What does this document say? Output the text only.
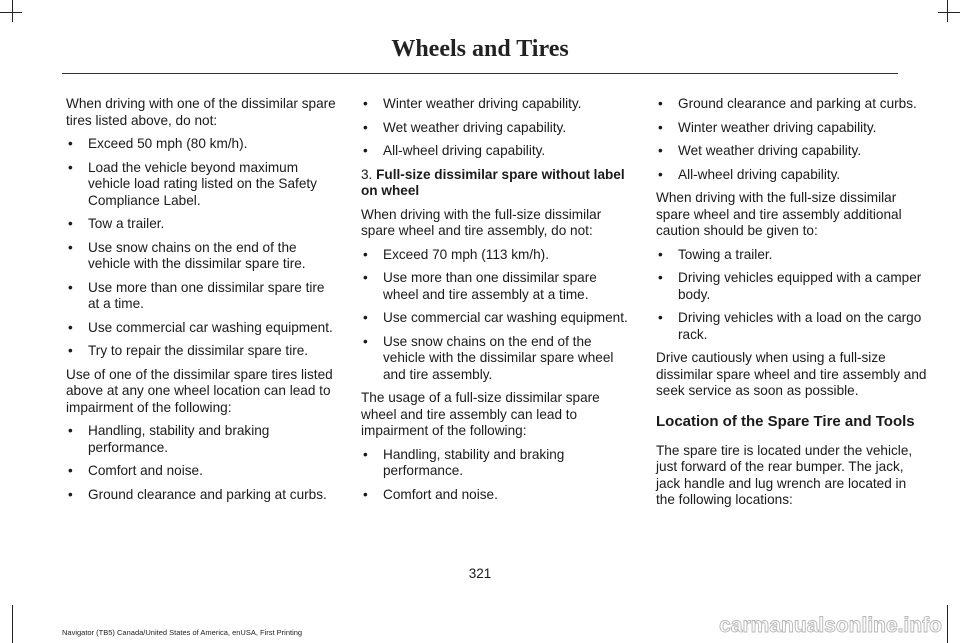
Wheels and Tires

When driving with one of the dissimilar spare tires listed above, do not:

• Exceed 50 mph (80 km/h).
• Load the vehicle beyond maximum vehicle load rating listed on the Safety Compliance Label.
• Tow a trailer.
• Use snow chains on the end of the vehicle with the dissimilar spare tire.
• Use more than one dissimilar spare tire at a time.
• Use commercial car washing equipment.
• Try to repair the dissimilar spare tire.

Use of one of the dissimilar spare tires listed above at any one wheel location can lead to impairment of the following:

• Handling, stability and braking performance.
• Comfort and noise.
• Ground clearance and parking at curbs.
• Winter weather driving capability.
• Wet weather driving capability.
• All-wheel driving capability.

3. Full-size dissimilar spare without label on wheel

When driving with the full-size dissimilar spare wheel and tire assembly, do not:

• Exceed 70 mph (113 km/h).
• Use more than one dissimilar spare wheel and tire assembly at a time.
• Use commercial car washing equipment.
• Use snow chains on the end of the vehicle with the dissimilar spare wheel and tire assembly.

The usage of a full-size dissimilar spare wheel and tire assembly can lead to impairment of the following:

• Handling, stability and braking performance.
• Comfort and noise.
• Ground clearance and parking at curbs.
• Winter weather driving capability.
• Wet weather driving capability.
• All-wheel driving capability.

When driving with the full-size dissimilar spare wheel and tire assembly additional caution should be given to:

• Towing a trailer.
• Driving vehicles equipped with a camper body.
• Driving vehicles with a load on the cargo rack.

Drive cautiously when using a full-size dissimilar spare wheel and tire assembly and seek service as soon as possible.

Location of the Spare Tire and Tools

The spare tire is located under the vehicle, just forward of the rear bumper. The jack, jack handle and lug wrench are located in the following locations:

321
Navigator (TB5) Canada/United States of America, enUSA, First Printing	carmanualsonline.info
